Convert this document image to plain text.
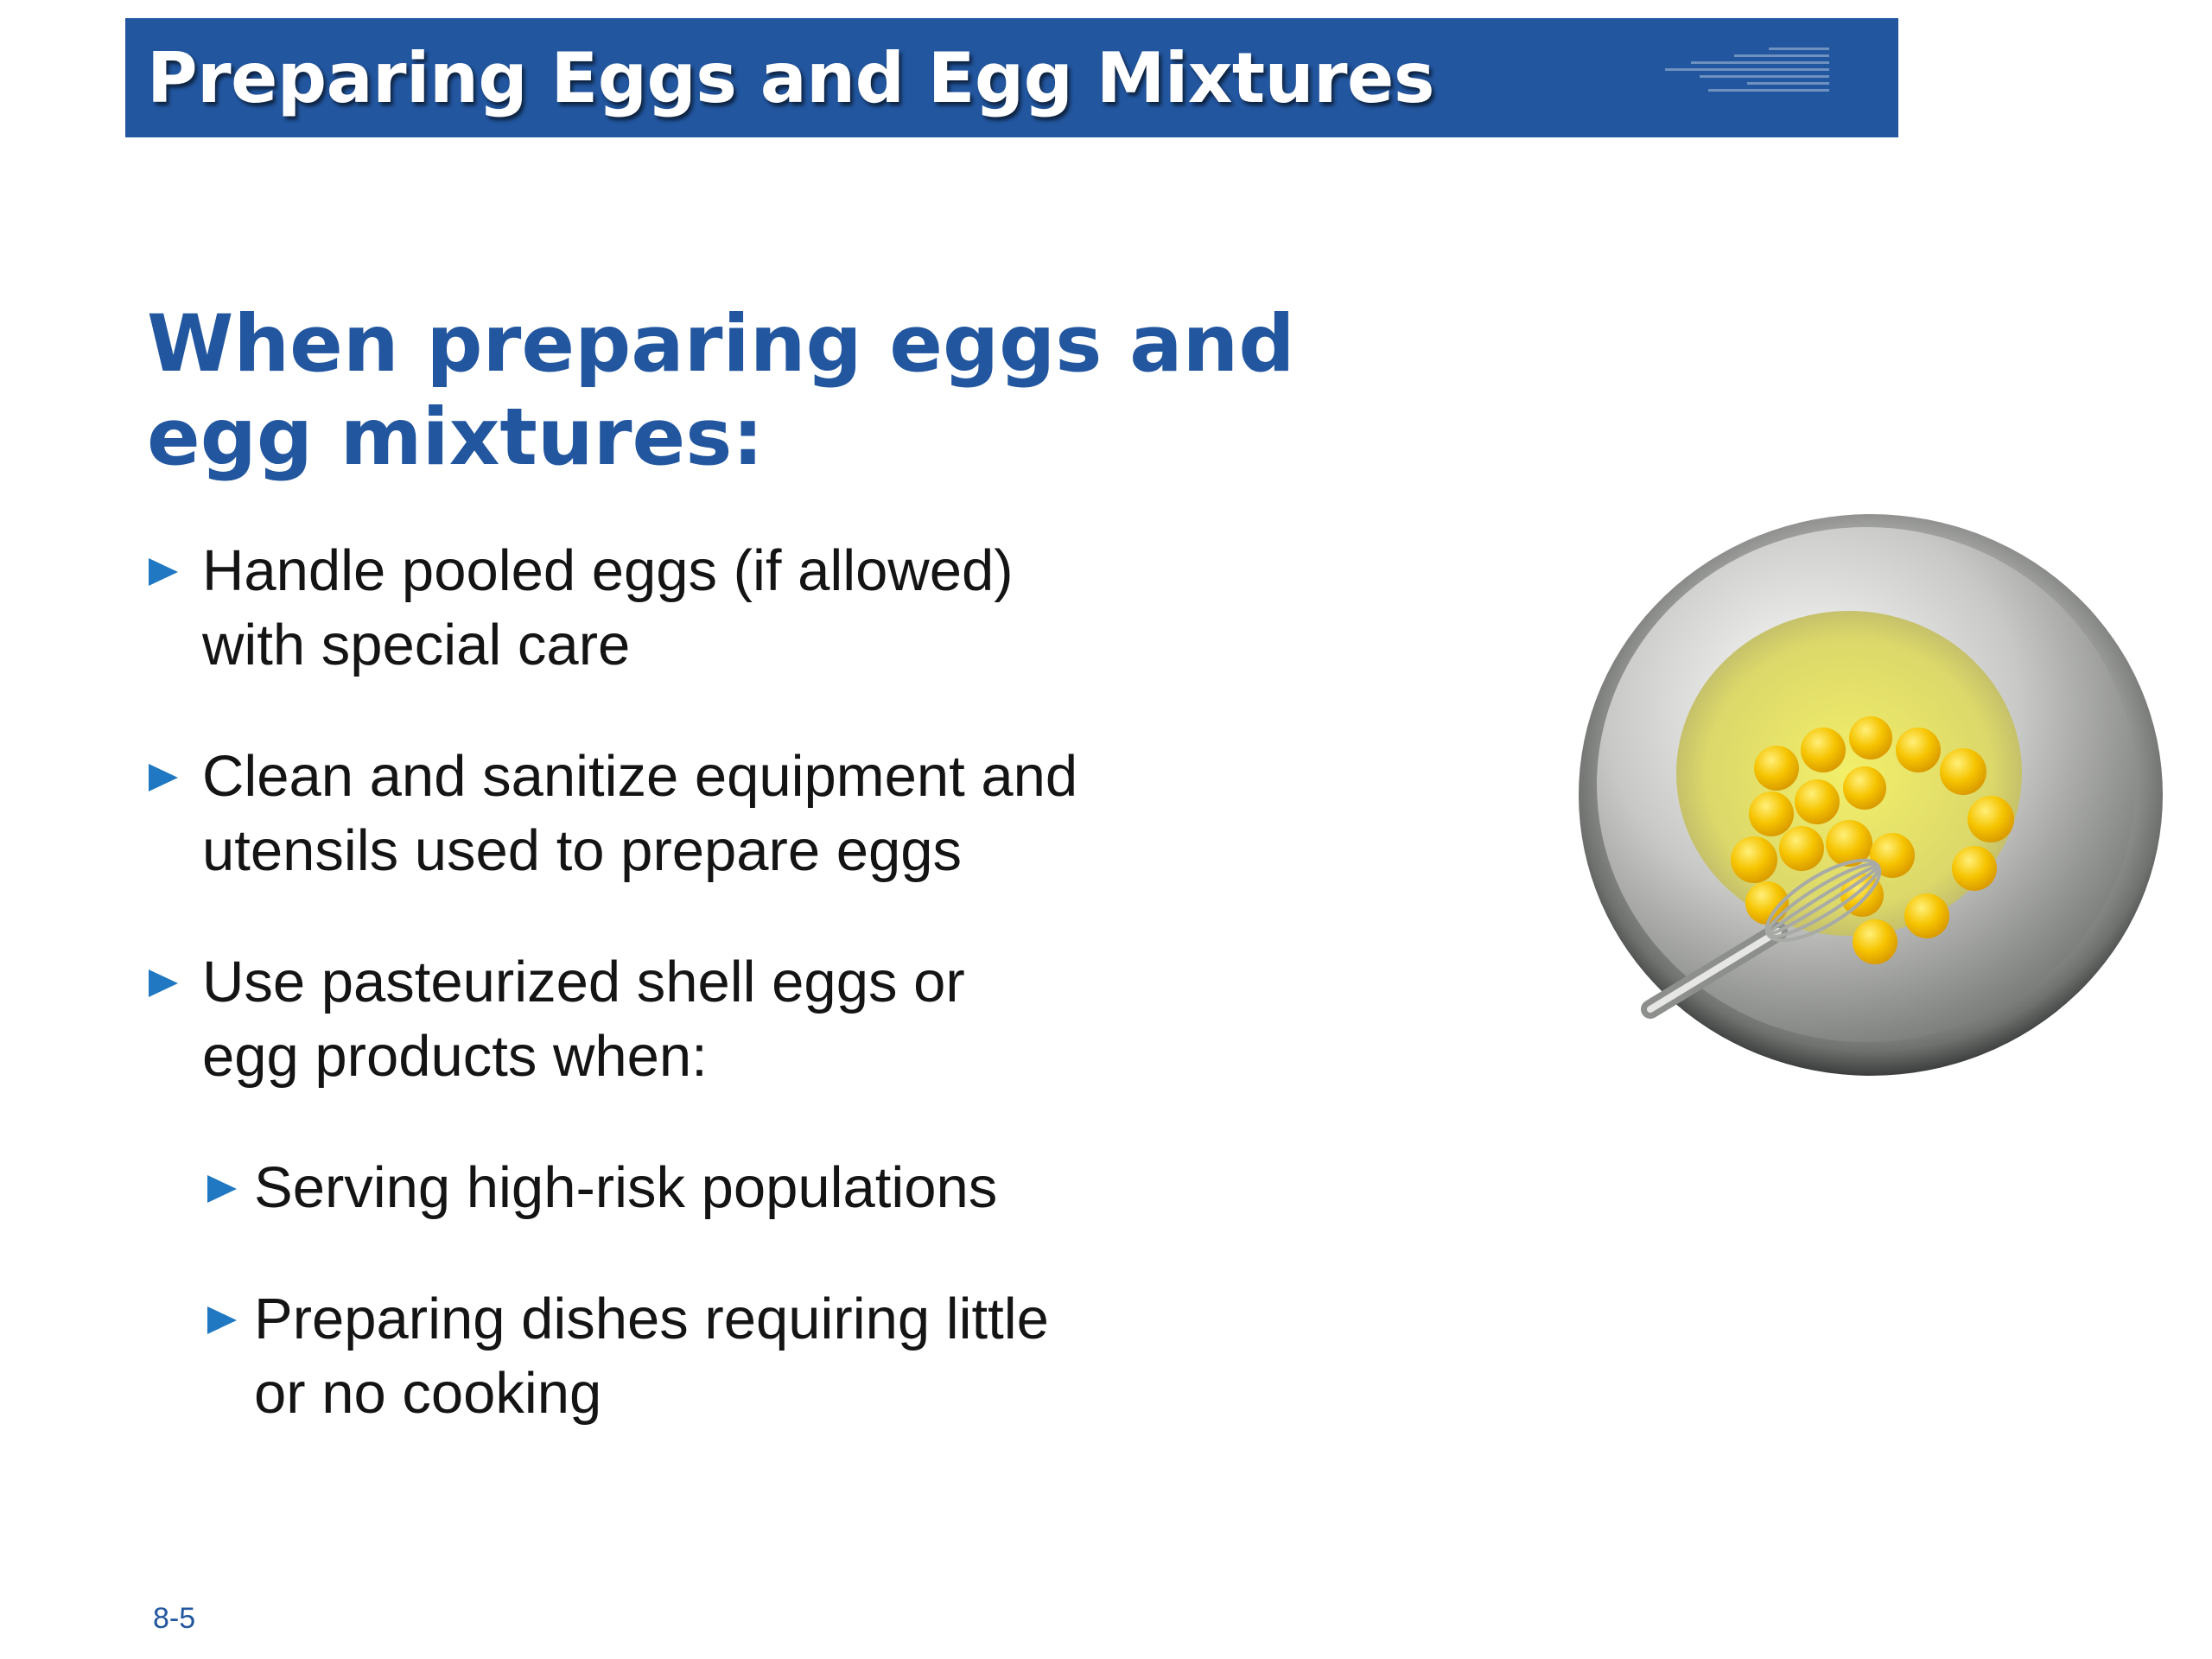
Preparing Eggs and Egg Mixtures
When preparing eggs and
egg mixtures:
Handle pooled eggs (if allowed)
with special care
Clean and sanitize equipment and
utensils used to prepare eggs
Use pasteurized shell eggs or
egg products when:
Serving high-risk populations
Preparing dishes requiring little
or no cooking
8-5
